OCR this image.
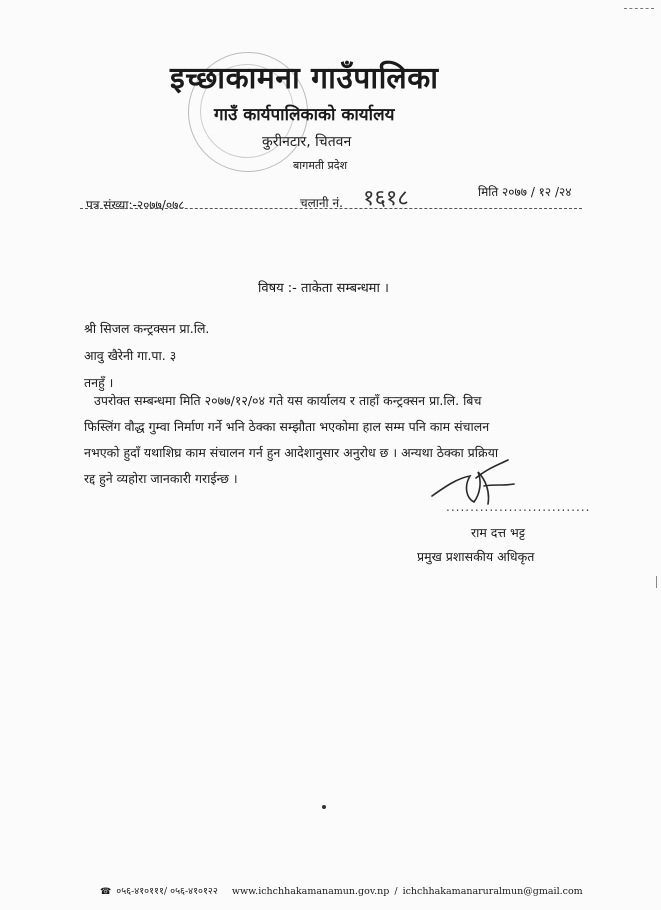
इच्छाकामना गाउँपालिका
गाउँ कार्यपालिकाको कार्यालय
कुरीनटार, चितवन
बागमती प्रदेश
पत्र संख्या:-२०७७/०७८	चलानी नं. १६१८	मिति २०७७ / १२ /२४
विषय :- ताकेता सम्बन्धमा ।
श्री सिजल कन्ट्रक्सन प्रा.लि.
आवु खैरेनी गा.पा. ३
तनहुँ ।
उपरोक्त सम्बन्धमा मिति २०७७/१२/०४ गते यस कार्यालय र ताहाँ कन्ट्रक्सन प्रा.लि. बिच
फिस्लिंग वौद्ध गुम्वा निर्माण गर्ने भनि ठेक्का सम्झौता भएकोमा हाल सम्म पनि काम संचालन
नभएको हुदाँ यथाशिघ्र काम संचालन गर्न हुन आदेशानुसार अनुरोध छ । अन्यथा ठेक्का प्रक्रिया
रद्द हुने व्यहोरा जानकारी गराईन्छ ।
..............................
राम दत्त भट्ट
प्रमुख प्रशासकीय अधिकृत
☎ ०५६-४१०१११/ ०५६-४१०१२२ www.ichchhakamanamun.gov.np / ichchhakamanaruralmun@gmail.com
